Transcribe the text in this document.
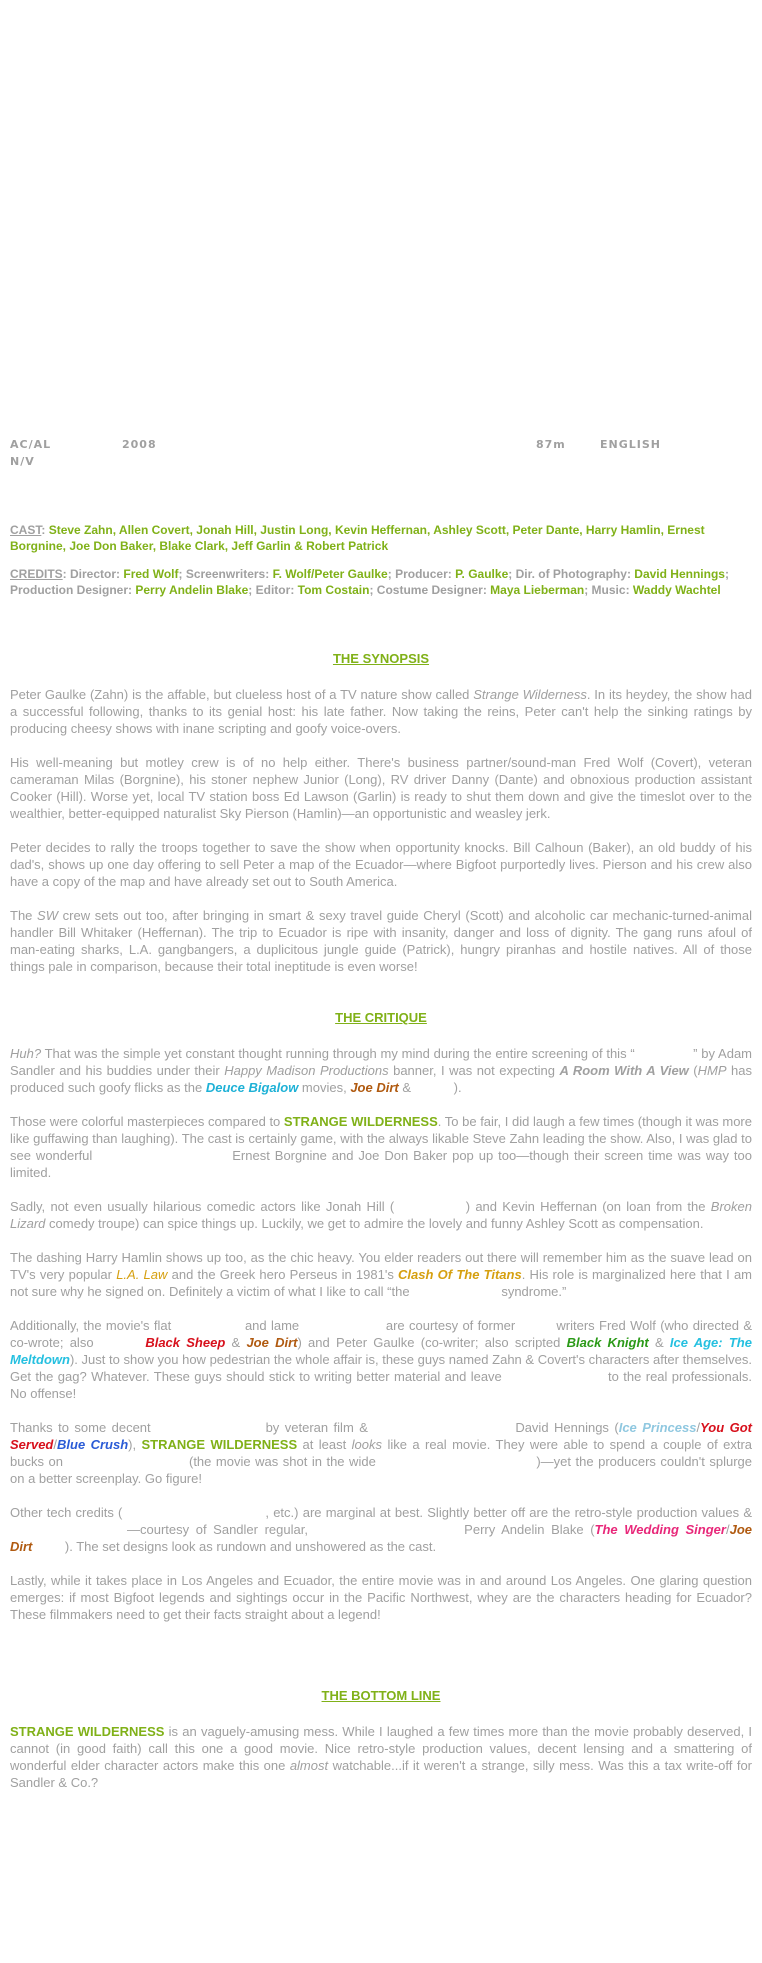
AC/AL
N/V
2008	87m	ENGLISH
CAST: Steve Zahn, Allen Covert, Jonah Hill, Justin Long, Kevin Heffernan, Ashley Scott, Peter Dante, Harry Hamlin, Ernest Borgnine, Joe Don Baker, Blake Clark, Jeff Garlin & Robert Patrick
CREDITS: Director: Fred Wolf; Screenwriters: F. Wolf/Peter Gaulke; Producer: P. Gaulke; Dir. of Photography: David Hennings; Production Designer: Perry Andelin Blake; Editor: Tom Costain; Costume Designer: Maya Lieberman; Music: Waddy Wachtel
THE SYNOPSIS

Peter Gaulke (Zahn) is the affable, but clueless host of a TV nature show called Strange Wilderness. In its heydey, the show had a successful following, thanks to its genial host: his late father. Now taking the reins, Peter can't help the sinking ratings by producing cheesy shows with inane scripting and goofy voice-overs.

His well-meaning but motley crew is of no help either. There's business partner/sound-man Fred Wolf (Covert), veteran cameraman Milas (Borgnine), his stoner nephew Junior (Long), RV driver Danny (Dante) and obnoxious production assistant Cooker (Hill). Worse yet, local TV station boss Ed Lawson (Garlin) is ready to shut them down and give the timeslot over to the wealthier, better-equipped naturalist Sky Pierson (Hamlin)—an opportunistic and weasley jerk.

Peter decides to rally the troops together to save the show when opportunity knocks. Bill Calhoun (Baker), an old buddy of his dad's, shows up one day offering to sell Peter a map of the Ecuador—where Bigfoot purportedly lives. Pierson and his crew also have a copy of the map and have already set out to South America.

The SW crew sets out too, after bringing in smart & sexy travel guide Cheryl (Scott) and alcoholic car mechanic-turned-animal handler Bill Whitaker (Heffernan). The trip to Ecuador is ripe with insanity, danger and loss of dignity. The gang runs afoul of man-eating sharks, L.A. gangbangers, a duplicitous jungle guide (Patrick), hungry piranhas and hostile natives. All of those things pale in comparison, because their total ineptitude is even worse!

THE CRITIQUE

Huh? That was the simple yet constant thought running through my mind during the entire screening of this “xxxxxxxxx” by Adam Sandler and his buddies under their Happy Madison Productions banner, I was not expecting A Room With A View (HMP has produced such goofy flicks as the Deuce Bigalow movies, Joe Dirt & xxxxxx).

Those were colorful masterpieces compared to STRANGE WILDERNESS. To be fair, I did laugh a few times (though it was more like guffawing than laughing). The cast is certainly game, with the always likable Steve Zahn leading the show. Also, I was glad to see wonderful xxxxxxxxxxxxxxxxxxxx Ernest Borgnine and Joe Don Baker pop up too—though their screen time was way too limited.

Sadly, not even usually hilarious comedic actors like Jonah Hill (xxxxxxxxxxx) and Kevin Heffernan (on loan from the Broken Lizard comedy troupe) can spice things up. Luckily, we get to admire the lovely and funny Ashley Scott as compensation.

The dashing Harry Hamlin shows up too, as the chic heavy. You elder readers out there will remember him as the suave lead on TV's very popular L.A. Law and the Greek hero Perseus in 1981's Clash Of The Titans. His role is marginalized here that I am not sure why he signed on. Definitely a victim of what I like to call “the xxxxxxxxxxxxx syndrome.”

Additionally, the movie's flat xxxxxxxxxx and lame xxxxxxxxxxxx are courtesy of former xxxxx writers Fred Wolf (who directed & co-wrote; also xxxxxxxBlack Sheep & Joe Dirt) and Peter Gaulke (co-writer; also scripted Black Knight & Ice Age: The Meltdown). Just to show you how pedestrian the whole affair is, these guys named Zahn & Covert's characters after themselves. Get the gag? Whatever. These guys should stick to writing better material and leave xxxxxxxxxxxxxxx to the real professionals. No offense!

Thanks to some decent xxxxxxxxxxxxxxxx by veteran film & xxxxxxxxxxxxxxxxxxxxx David Hennings (Ice Princess/You Got Served/Blue Crush), STRANGE WILDERNESS at least looks like a real movie. They were able to spend a couple of extra bucks on xxxxxxxxxxxxxxxxxx (the movie was shot in the wide xxxxxxxxxxxxxxxxxxxxxxxx)—yet the producers couldn't splurge on a better screenplay. Go figure!

Other tech credits (xxxxxxxxxxxxxxxxxxxxxx, etc.) are marginal at best. Slightly better off are the retro-style production values & xxxxxxxxxxxxxxxxxx—courtesy of Sandler regular, xxxxxxxxxxxxxxxxxxxxxx Perry Andelin Blake (The Wedding Singer/Joe Dirtxxxxx). The set designs look as rundown and unshowered as the cast.

Lastly, while it takes place in Los Angeles and Ecuador, the entire movie was in and around Los Angeles. One glaring question emerges: if most Bigfoot legends and sightings occur in the Pacific Northwest, whey are the characters heading for Ecuador? These filmmakers need to get their facts straight about a legend!

THE BOTTOM LINE

STRANGE WILDERNESS is an vaguely-amusing mess. While I laughed a few times more than the movie probably deserved, I cannot (in good faith) call this one a good movie. Nice retro-style production values, decent lensing and a smattering of wonderful elder character actors make this one almost watchable...if it weren't a strange, silly mess. Was this a tax write-off for Sandler & Co.?
